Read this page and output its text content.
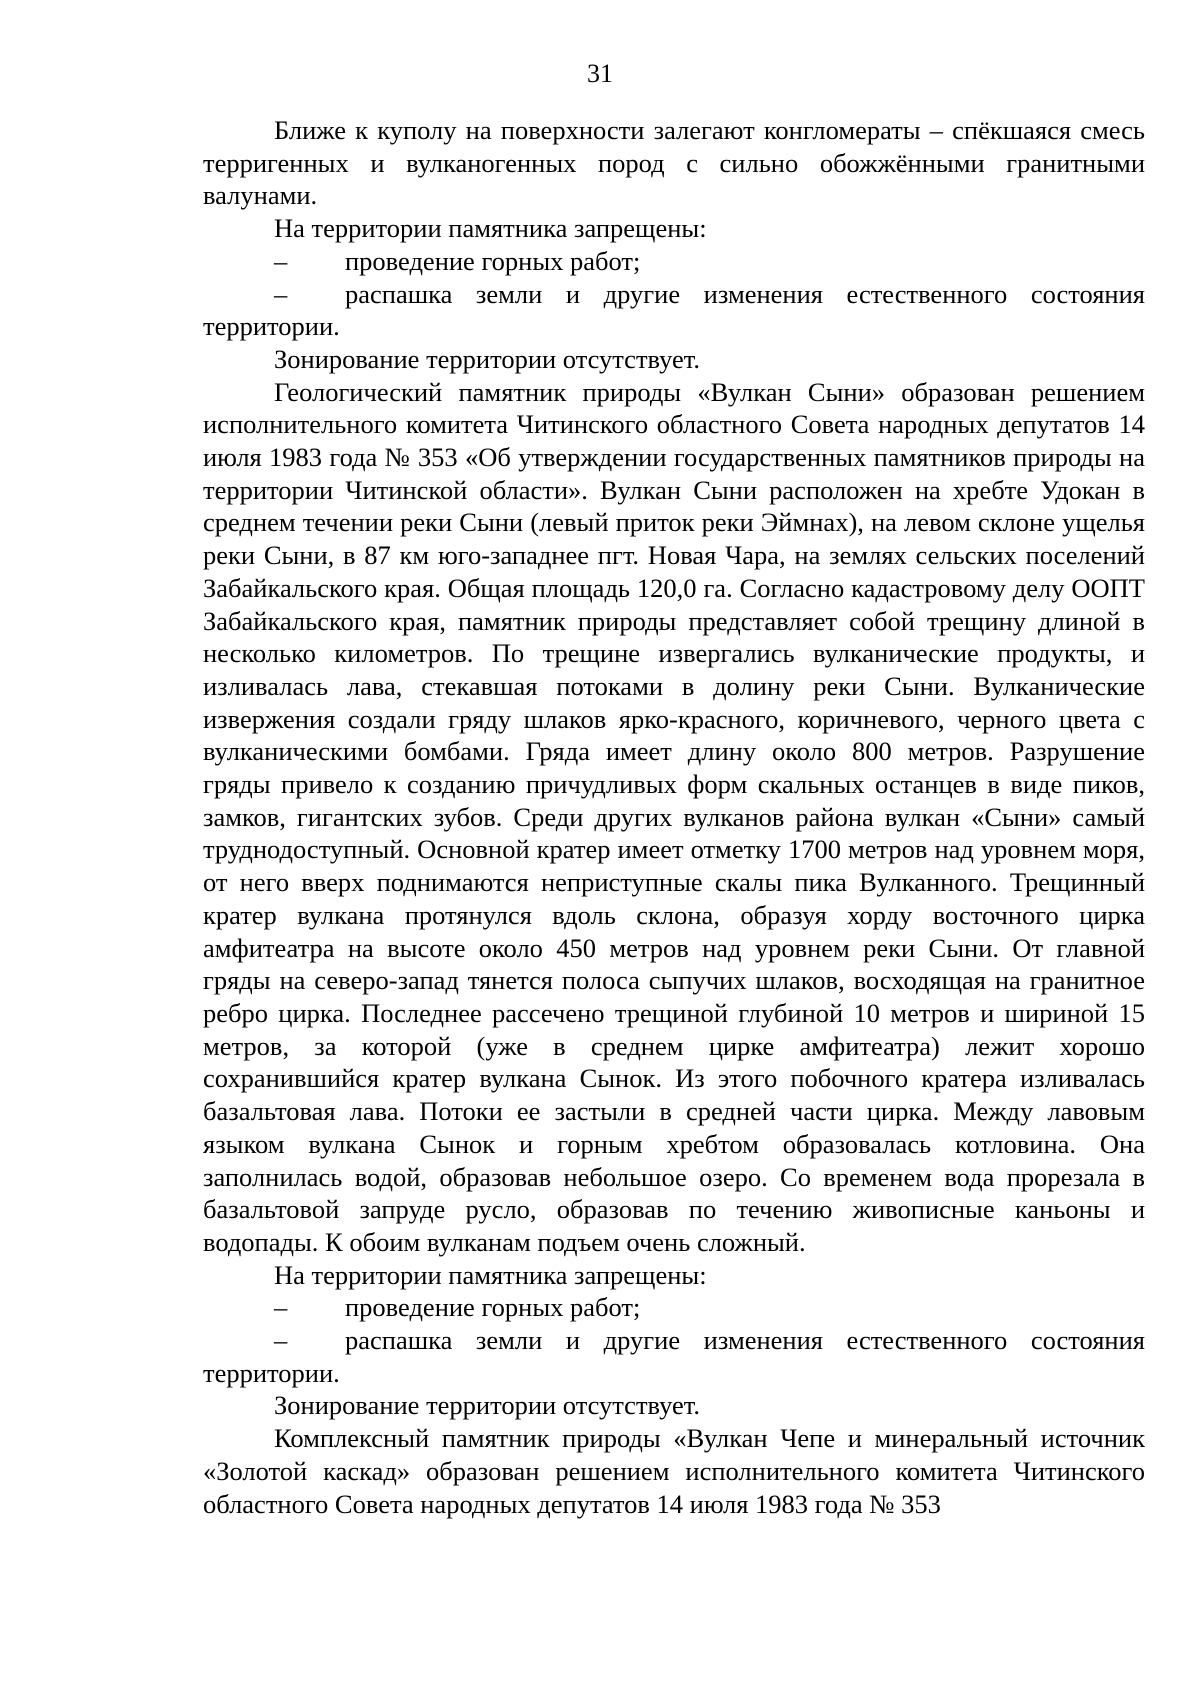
31

Ближе к куполу на поверхности залегают конгломераты – спёкшаяся смесь терригенных и вулканогенных пород с сильно обожжёнными гранитными валунами.

На территории памятника запрещены:

– проведение горных работ;

– распашка земли и другие изменения естественного состояния территории.

Зонирование территории отсутствует.

Геологический памятник природы «Вулкан Сыни» образован решением исполнительного комитета Читинского областного Совета народных депутатов 14 июля 1983 года № 353 «Об утверждении государственных памятников природы на территории Читинской области». Вулкан Сыни расположен на хребте Удокан в среднем течении реки Сыни (левый приток реки Эймнах), на левом склоне ущелья реки Сыни, в 87 км юго-западнее пгт. Новая Чара, на землях сельских поселений Забайкальского края. Общая площадь 120,0 га. Согласно кадастровому делу ООПТ Забайкальского края, памятник природы представляет собой трещину длиной в несколько километров. По трещине извергались вулканические продукты, и изливалась лава, стекавшая потоками в долину реки Сыни. Вулканические извержения создали гряду шлаков ярко-красного, коричневого, черного цвета с вулканическими бомбами. Гряда имеет длину около 800 метров. Разрушение гряды привело к созданию причудливых форм скальных останцев в виде пиков, замков, гигантских зубов. Среди других вулканов района вулкан «Сыни» самый труднодоступный. Основной кратер имеет отметку 1700 метров над уровнем моря, от него вверх поднимаются неприступные скалы пика Вулканного. Трещинный кратер вулкана протянулся вдоль склона, образуя хорду восточного цирка амфитеатра на высоте около 450 метров над уровнем реки Сыни. От главной гряды на северо-запад тянется полоса сыпучих шлаков, восходящая на гранитное ребро цирка. Последнее рассечено трещиной глубиной 10 метров и шириной 15 метров, за которой (уже в среднем цирке амфитеатра) лежит хорошо сохранившийся кратер вулкана Сынок. Из этого побочного кратера изливалась базальтовая лава. Потоки ее застыли в средней части цирка. Между лавовым языком вулкана Сынок и горным хребтом образовалась котловина. Она заполнилась водой, образовав небольшое озеро. Со временем вода прорезала в базальтовой запруде русло, образовав по течению живописные каньоны и водопады. К обоим вулканам подъем очень сложный.

На территории памятника запрещены:

– проведение горных работ;

– распашка земли и другие изменения естественного состояния территории.

Зонирование территории отсутствует.

Комплексный памятник природы «Вулкан Чепе и минеральный источник «Золотой каскад» образован решением исполнительного комитета Читинского областного Совета народных депутатов 14 июля 1983 года № 353
